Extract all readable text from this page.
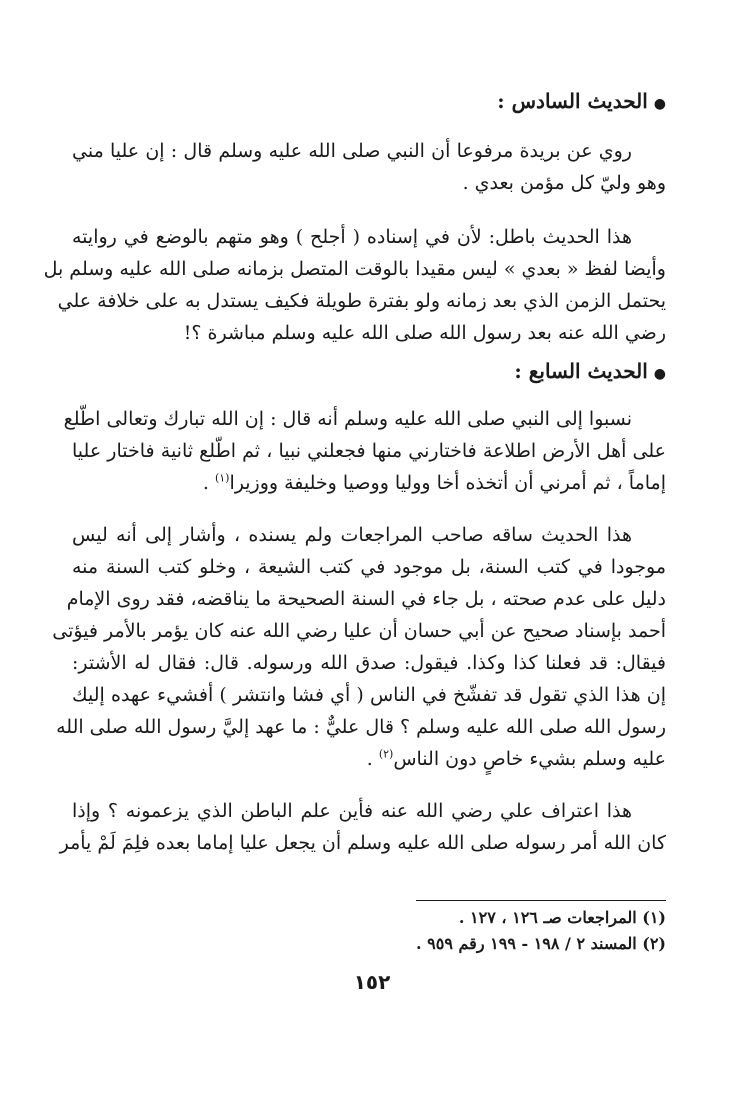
●الحديث السادس :
روي عن بريدة مرفوعا أن النبي صلى الله عليه وسلم قال : إن عليا مني
وهو وليّ كل مؤمن بعدي .
هذا الحديث باطل: لأن في إسناده ( أجلح ) وهو متهم بالوضع في روايته
وأيضا لفظ « بعدي » ليس مقيدا بالوقت المتصل بزمانه صلى الله عليه وسلم بل
يحتمل الزمن الذي بعد زمانه ولو بفترة طويلة فكيف يستدل به على خلافة علي
رضي الله عنه بعد رسول الله صلى الله عليه وسلم مباشرة ؟!
●الحديث السابع :
نسبوا إلى النبي صلى الله عليه وسلم أنه قال : إن الله تبارك وتعالى اطّلع
على أهل الأرض اطلاعة فاختارني منها فجعلني نبيا ، ثم اطّلع ثانية فاختار عليا
إماماً ، ثم أمرني أن أتخذه أخا ووليا ووصيا وخليفة ووزيرا$^{(١)}$ .
هذا الحديث ساقه صاحب المراجعات ولم يسنده ، وأشار إلى أنه ليس
موجودا في كتب السنة، بل موجود في كتب الشيعة ، وخلو كتب السنة منه
دليل على عدم صحته ، بل جاء في السنة الصحيحة ما يناقضه، فقد روى الإمام
أحمد بإسناد صحيح عن أبي حسان أن عليا رضي الله عنه كان يؤمر بالأمر فيؤتى
فيقال: قد فعلنا كذا وكذا. فيقول: صدق الله ورسوله. قال: فقال له الأشتر:
إن هذا الذي تقول قد تفشّخ في الناس ( أي فشا وانتشر ) أفشيء عهده إليك
رسول الله صلى الله عليه وسلم ؟ قال عليٌّ : ما عهد إليَّ رسول الله صلى الله
عليه وسلم بشيء خاصٍ دون الناس$^{(٢)}$ .
هذا اعتراف علي رضي الله عنه فأين علم الباطن الذي يزعمونه ؟ وإذا
كان الله أمر رسوله صلى الله عليه وسلم أن يجعل عليا إماما بعده فلِمَ لَمْ يأمر
(١) المراجعات صـ ١٢٦ ، ١٢٧ .
(٢) المسند ٢ / ١٩٨ - ١٩٩ رقم ٩٥٩ .
١٥٢
